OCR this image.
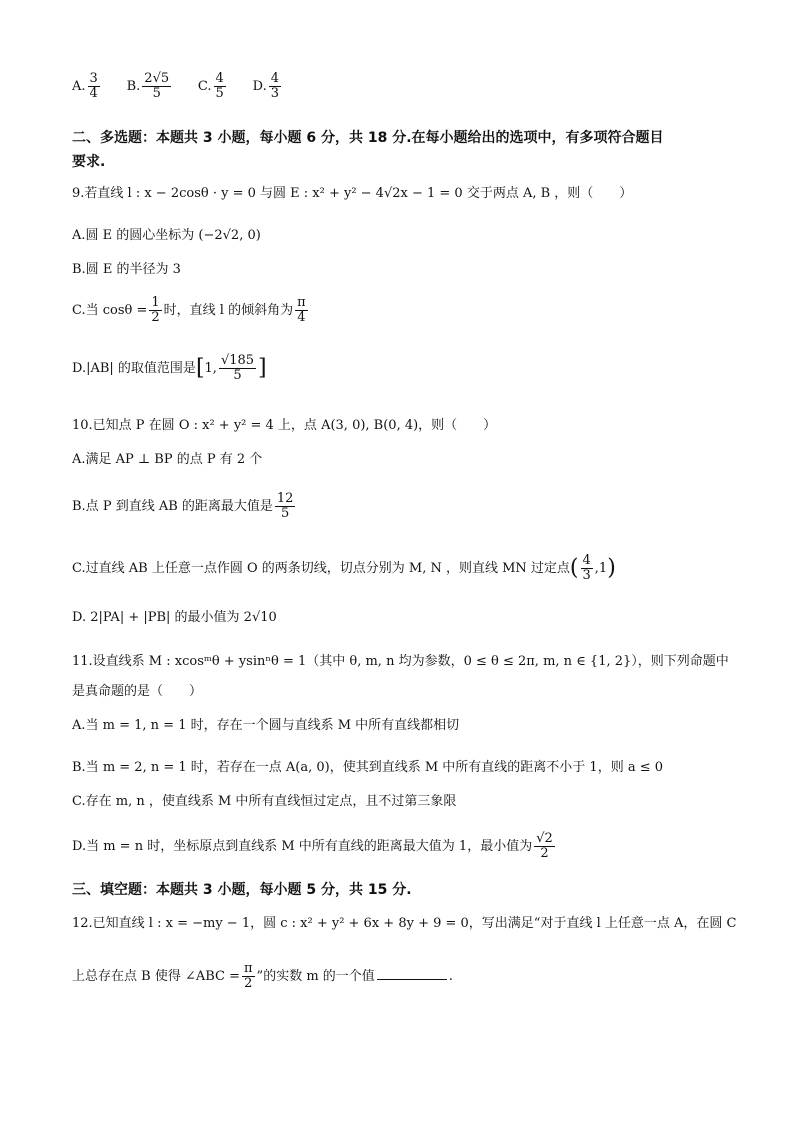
A. $\frac{3}{4} B$. $\frac{2√5}{5} C$. $\frac{4}{5} D$. $\frac{4}{3}$
二、多选题：本题共 3 小题，每小题 6 分，共 18 分.在每小题给出的选项中，有多项符合题目
要求.
9.若直线 l : x − 2cosθ · y = 0 与圆 E : x² + y² − 4√2x − 1 = 0 交于两点 A, B ，则（　　）
A.圆 E 的圆心坐标为 (−2√2, 0)
B.圆 E 的半径为 3
C.当 $\cos\theta = \frac{1}{2}$ 时，直线 l 的倾斜角为 $\frac{\pi}{4}$
D.|AB| 的取值范围是[1, $\frac{√185}{5}$ ]
10.已知点 P 在圆 O : x² + y² = 4 上，点 A(3, 0), B(0, 4)，则（　　）
A.满足 AP ⊥ BP 的点 P 有 2 个
B.点 P 到直线 AB 的距离最大值是 $\frac{12}{5}$
C.过直线 AB 上任意一点作圆 O 的两条切线，切点分别为 M, N ，则直线 MN 过定点( $\frac{4}{3} ,1$)
D. 2|PA| + |PB| 的最小值为 2√10
11.设直线系 M : xcosᵐθ + ysinⁿθ = 1（其中 θ, m, n 均为参数，0 ≤ θ ≤ 2π, m, n ∈ {1, 2}），则下列命题中
是真命题的是（　　）
A.当 m = 1, n = 1 时，存在一个圆与直线系 M 中所有直线都相切
B.当 m = 2, n = 1 时，若存在一点 A(a, 0)，使其到直线系 M 中所有直线的距离不小于 1，则 a ≤ 0
C.存在 m, n ，使直线系 M 中所有直线恒过定点，且不过第三象限
D.当 m = n 时，坐标原点到直线系 M 中所有直线的距离最大值为 1，最小值为 $\frac{√2}{2}$
三、填空题：本题共 3 小题，每小题 5 分，共 15 分.
12.已知直线 l : x = −my − 1，圆 c : x² + y² + 6x + 8y + 9 = 0，写出满足“对于直线 l 上任意一点 A，在圆 C
上总存在点 B 使得 ∠ABC = $\frac{\pi}{2}$ ”的实数 m 的一个值	.
